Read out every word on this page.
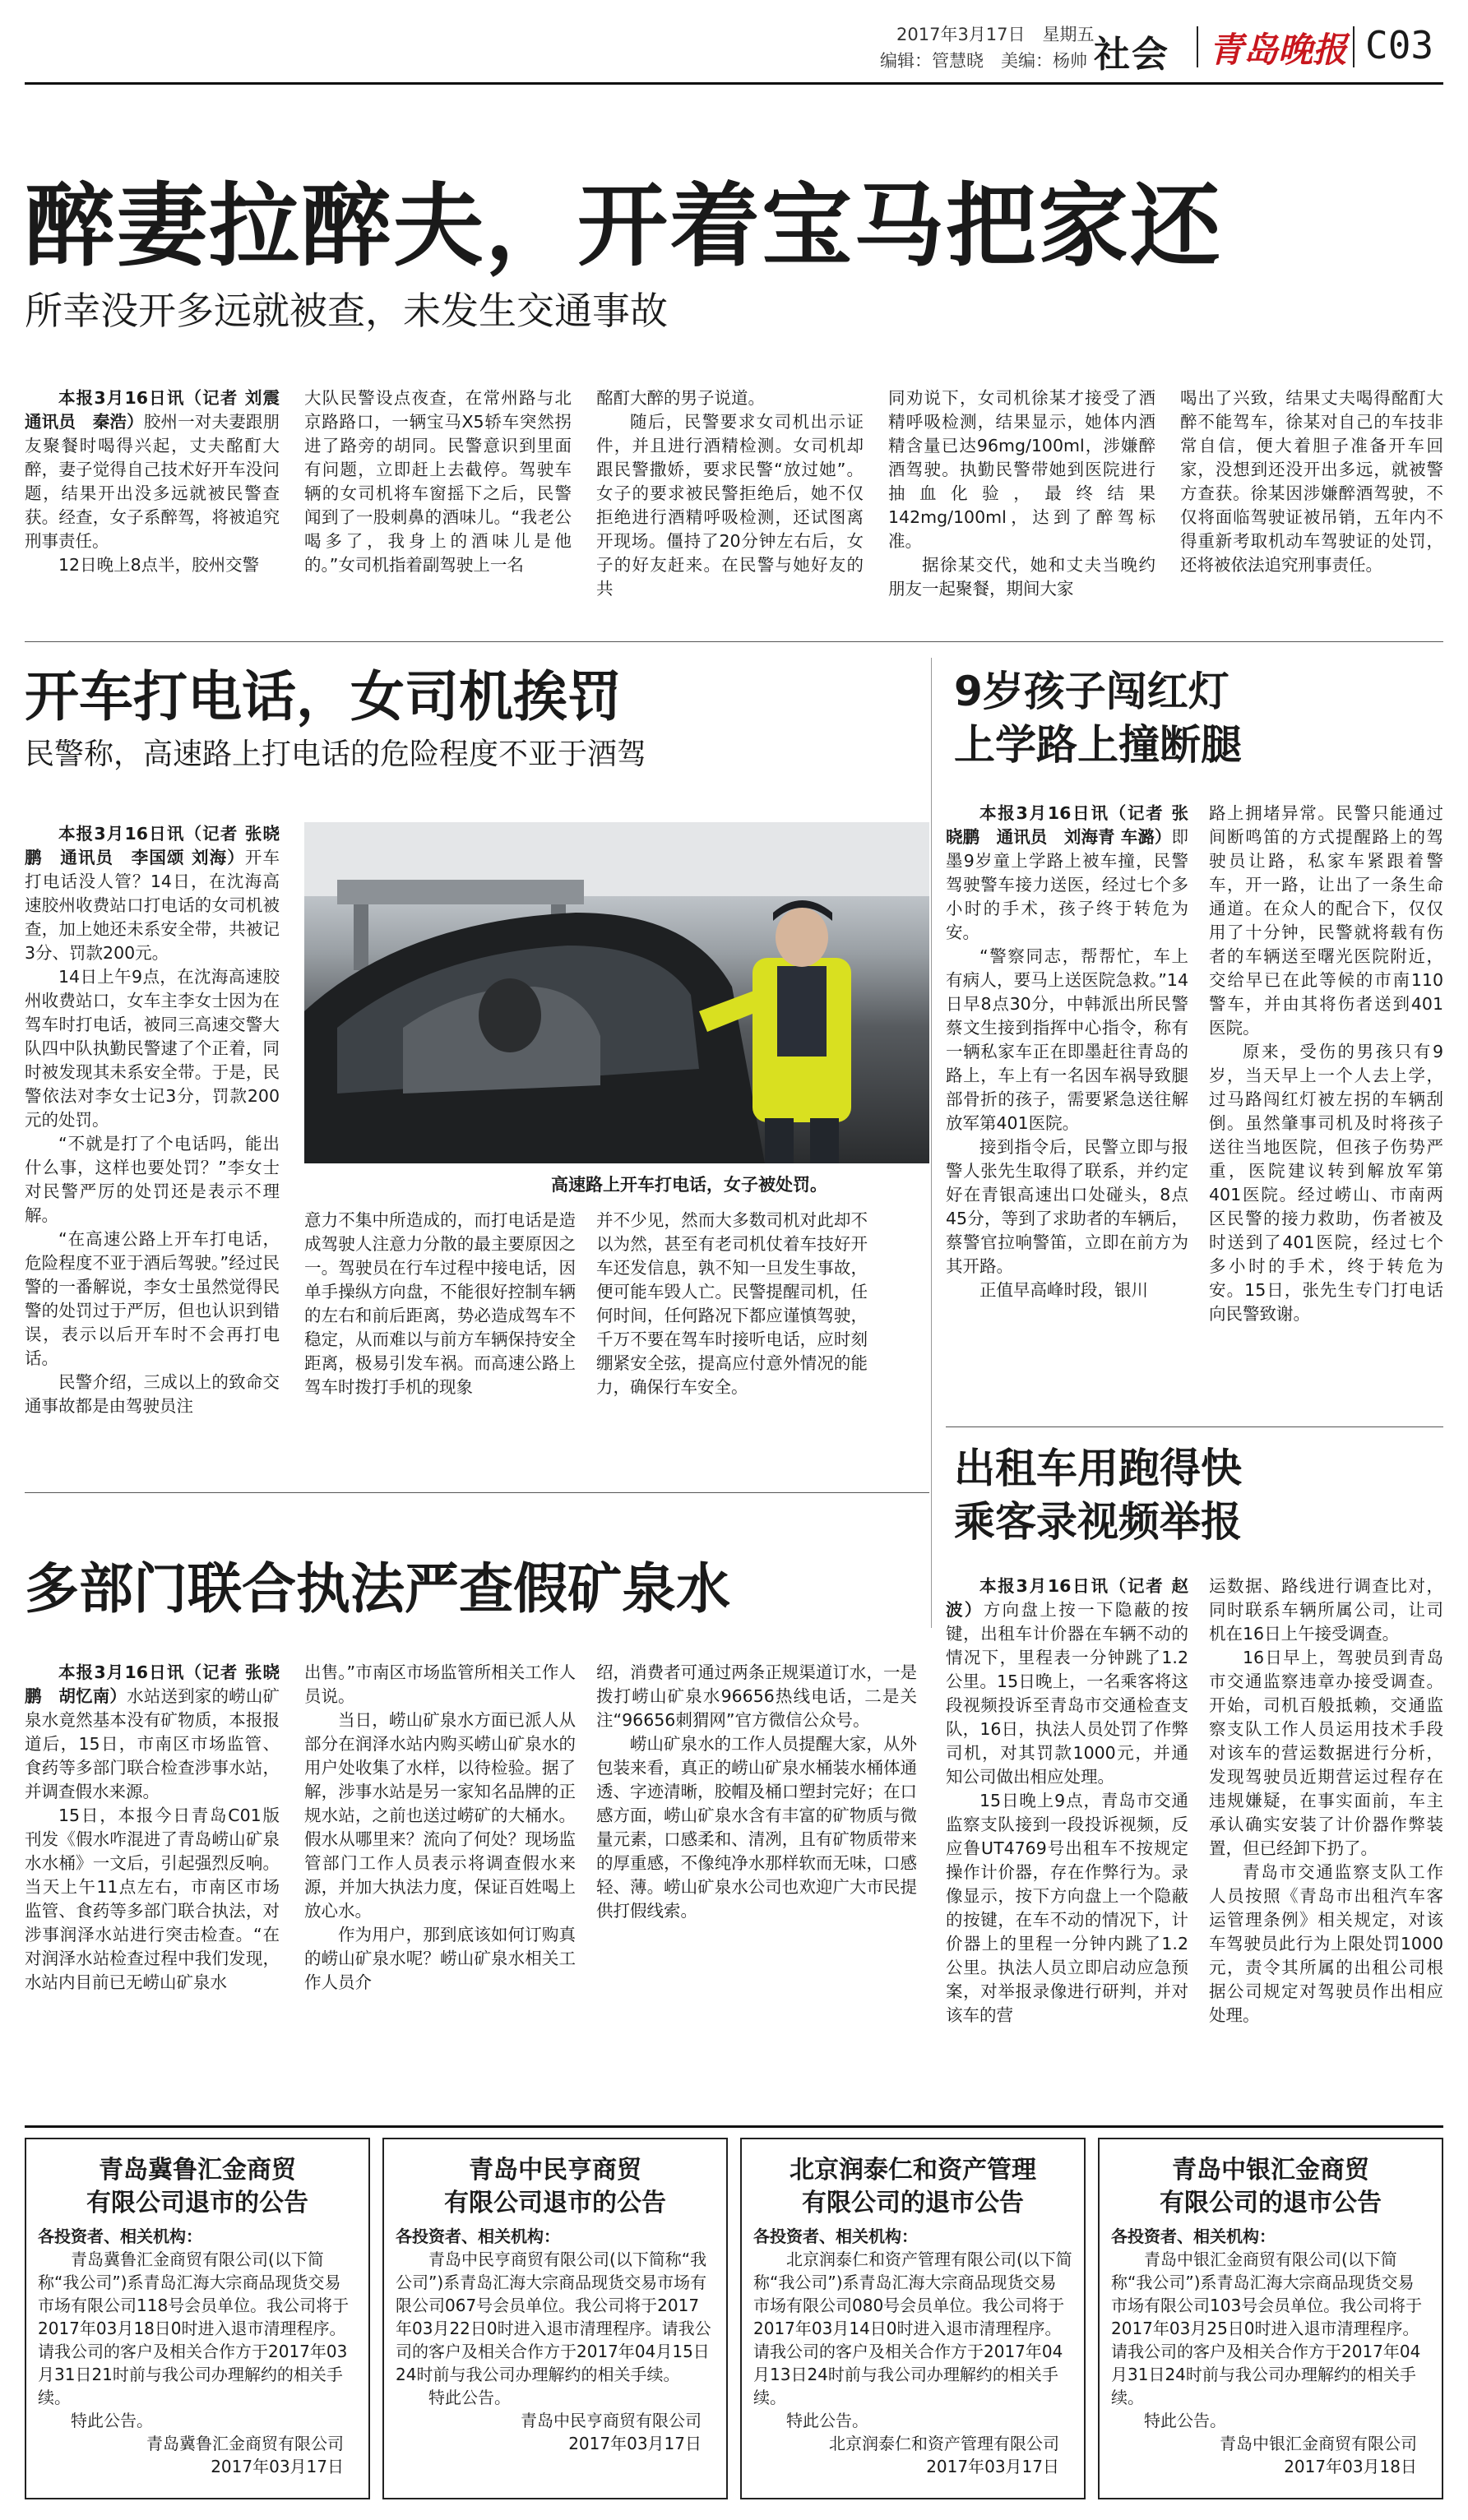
2017年3月17日　星期五
编辑：管慧晓　美编：杨帅 社会 青岛晚报 C03
醉妻拉醉夫，开着宝马把家还
所幸没开多远就被查，未发生交通事故

本报3月16日讯（记者 刘震　通讯员　秦浩）胶州一对夫妻跟朋友聚餐时喝得兴起，丈夫酩酊大醉，妻子觉得自己技术好开车没问题，结果开出没多远就被民警查获。经查，女子系醉驾，将被追究刑事责任。

12日晚上8点半，胶州交警

大队民警设点夜查，在常州路与北京路路口，一辆宝马X5轿车突然拐进了路旁的胡同。民警意识到里面有问题，立即赶上去截停。驾驶车辆的女司机将车窗摇下之后，民警闻到了一股刺鼻的酒味儿。“我老公喝多了，我身上的酒味儿是他的。”女司机指着副驾驶上一名

酩酊大醉的男子说道。

随后，民警要求女司机出示证件，并且进行酒精检测。女司机却跟民警撒娇，要求民警“放过她”。女子的要求被民警拒绝后，她不仅拒绝进行酒精呼吸检测，还试图离开现场。僵持了20分钟左右后，女子的好友赶来。在民警与她好友的共

同劝说下，女司机徐某才接受了酒精呼吸检测，结果显示，她体内酒精含量已达96mg/100ml，涉嫌醉酒驾驶。执勤民警带她到医院进行抽血化验，最终结果142mg/100ml，达到了醉驾标准。

据徐某交代，她和丈夫当晚约朋友一起聚餐，期间大家

喝出了兴致，结果丈夫喝得酩酊大醉不能驾车，徐某对自己的车技非常自信，便大着胆子准备开车回家，没想到还没开出多远，就被警方查获。徐某因涉嫌醉酒驾驶，不仅将面临驾驶证被吊销，五年内不得重新考取机动车驾驶证的处罚，还将被依法追究刑事责任。

开车打电话，女司机挨罚
民警称，高速路上打电话的危险程度不亚于酒驾

本报3月16日讯（记者 张晓鹏　通讯员　李国颂 刘海）开车打电话没人管？14日，在沈海高速胶州收费站口打电话的女司机被查，加上她还未系安全带，共被记3分、罚款200元。

14日上午9点，在沈海高速胶州收费站口，女车主李女士因为在驾车时打电话，被同三高速交警大队四中队执勤民警逮了个正着，同时被发现其未系安全带。于是，民警依法对李女士记3分，罚款200元的处罚。

“不就是打了个电话吗，能出什么事，这样也要处罚？”李女士对民警严厉的处罚还是表示不理解。

“在高速公路上开车打电话，危险程度不亚于酒后驾驶。”经过民警的一番解说，李女士虽然觉得民警的处罚过于严厉，但也认识到错误，表示以后开车时不会再打电话。

民警介绍，三成以上的致命交通事故都是由驾驶员注

高速路上开车打电话，女子被处罚。

意力不集中所造成的，而打电话是造成驾驶人注意力分散的最主要原因之一。驾驶员在行车过程中接电话，因单手操纵方向盘，不能很好控制车辆的左右和前后距离，势必造成驾车不稳定，从而难以与前方车辆保持安全距离，极易引发车祸。而高速公路上驾车时拨打手机的现象

并不少见，然而大多数司机对此却不以为然，甚至有老司机仗着车技好开车还发信息，孰不知一旦发生事故，便可能车毁人亡。民警提醒司机，任何时间，任何路况下都应谨慎驾驶，千万不要在驾车时接听电话，应时刻绷紧安全弦，提高应付意外情况的能力，确保行车安全。

9岁孩子闯红灯
上学路上撞断腿

本报3月16日讯（记者 张晓鹏　通讯员　刘海青 车潞）即墨9岁童上学路上被车撞，民警驾驶警车接力送医，经过七个多小时的手术，孩子终于转危为安。

“警察同志，帮帮忙，车上有病人，要马上送医院急救。”14日早8点30分，中韩派出所民警蔡文生接到指挥中心指令，称有一辆私家车正在即墨赶往青岛的路上，车上有一名因车祸导致腿部骨折的孩子，需要紧急送往解放军第401医院。

接到指令后，民警立即与报警人张先生取得了联系，并约定好在青银高速出口处碰头，8点45分，等到了求助者的车辆后，蔡警官拉响警笛，立即在前方为其开路。

正值早高峰时段，银川

路上拥堵异常。民警只能通过间断鸣笛的方式提醒路上的驾驶员让路，私家车紧跟着警车，开一路，让出了一条生命通道。在众人的配合下，仅仅用了十分钟，民警就将载有伤者的车辆送至曙光医院附近，交给早已在此等候的市南110警车，并由其将伤者送到401医院。

原来，受伤的男孩只有9岁，当天早上一个人去上学，过马路闯红灯被左拐的车辆刮倒。虽然肇事司机及时将孩子送往当地医院，但孩子伤势严重，医院建议转到解放军第401医院。经过崂山、市南两区民警的接力救助，伤者被及时送到了401医院，经过七个多小时的手术，终于转危为安。15日，张先生专门打电话向民警致谢。

出租车用跑得快
乘客录视频举报

本报3月16日讯（记者 赵波）方向盘上按一下隐蔽的按键，出租车计价器在车辆不动的情况下，里程表一分钟跳了1.2公里。15日晚上，一名乘客将这段视频投诉至青岛市交通检查支队，16日，执法人员处罚了作弊司机，对其罚款1000元，并通知公司做出相应处理。

15日晚上9点，青岛市交通监察支队接到一段投诉视频，反应鲁UT4769号出租车不按规定操作计价器，存在作弊行为。录像显示，按下方向盘上一个隐蔽的按键，在车不动的情况下，计价器上的里程一分钟内跳了1.2公里。执法人员立即启动应急预案，对举报录像进行研判，并对该车的营

运数据、路线进行调查比对，同时联系车辆所属公司，让司机在16日上午接受调查。

16日早上，驾驶员到青岛市交通监察违章办接受调查。开始，司机百般抵赖，交通监察支队工作人员运用技术手段对该车的营运数据进行分析，发现驾驶员近期营运过程存在违规嫌疑，在事实面前，车主承认确实安装了计价器作弊装置，但已经卸下扔了。

青岛市交通监察支队工作人员按照《青岛市出租汽车客运管理条例》相关规定，对该车驾驶员此行为上限处罚1000元，责令其所属的出租公司根据公司规定对驾驶员作出相应处理。

多部门联合执法严查假矿泉水

本报3月16日讯（记者 张晓鹏　胡忆南）水站送到家的崂山矿泉水竟然基本没有矿物质，本报报道后，15日，市南区市场监管、食药等多部门联合检查涉事水站，并调查假水来源。

15日，本报今日青岛C01版刊发《假水咋混进了青岛崂山矿泉水水桶》一文后，引起强烈反响。当天上午11点左右，市南区市场监管、食药等多部门联合执法，对涉事润泽水站进行突击检查。“在对润泽水站检查过程中我们发现，水站内目前已无崂山矿泉水

出售。”市南区市场监管所相关工作人员说。

当日，崂山矿泉水方面已派人从部分在润泽水站内购买崂山矿泉水的用户处收集了水样，以待检验。据了解，涉事水站是另一家知名品牌的正规水站，之前也送过崂矿的大桶水。假水从哪里来？流向了何处？现场监管部门工作人员表示将调查假水来源，并加大执法力度，保证百姓喝上放心水。

作为用户，那到底该如何订购真的崂山矿泉水呢？崂山矿泉水相关工作人员介

绍，消费者可通过两条正规渠道订水，一是拨打崂山矿泉水96656热线电话，二是关注“96656刺猬网”官方微信公众号。

崂山矿泉水的工作人员提醒大家，从外包装来看，真正的崂山矿泉水桶装水桶体通透、字迹清晰，胶帽及桶口塑封完好；在口感方面，崂山矿泉水含有丰富的矿物质与微量元素，口感柔和、清冽，且有矿物质带来的厚重感，不像纯净水那样软而无味，口感轻、薄。崂山矿泉水公司也欢迎广大市民提供打假线索。

青岛冀鲁汇金商贸
有限公司退市的公告

各投资者、相关机构：

青岛冀鲁汇金商贸有限公司(以下简称“我公司”)系青岛汇海大宗商品现货交易市场有限公司118号会员单位。我公司将于2017年03月18日0时进入退市清理程序。请我公司的客户及相关合作方于2017年03月31日21时前与我公司办理解约的相关手续。

特此公告。

青岛冀鲁汇金商贸有限公司
2017年03月17日
青岛中民亨商贸
有限公司退市的公告

各投资者、相关机构：

青岛中民亨商贸有限公司(以下简称“我公司”)系青岛汇海大宗商品现货交易市场有限公司067号会员单位。我公司将于2017年03月22日0时进入退市清理程序。请我公司的客户及相关合作方于2017年04月15日24时前与我公司办理解约的相关手续。

特此公告。

青岛中民亨商贸有限公司
2017年03月17日
北京润泰仁和资产管理
有限公司的退市公告

各投资者、相关机构：

北京润泰仁和资产管理有限公司(以下简称“我公司”)系青岛汇海大宗商品现货交易市场有限公司080号会员单位。我公司将于2017年03月14日0时进入退市清理程序。请我公司的客户及相关合作方于2017年04月13日24时前与我公司办理解约的相关手续。

特此公告。

北京润泰仁和资产管理有限公司
2017年03月17日
青岛中银汇金商贸
有限公司的退市公告

各投资者、相关机构：

青岛中银汇金商贸有限公司(以下简称“我公司”)系青岛汇海大宗商品现货交易市场有限公司103号会员单位。我公司将于2017年03月25日0时进入退市清理程序。请我公司的客户及相关合作方于2017年04月31日24时前与我公司办理解约的相关手续。

特此公告。

青岛中银汇金商贸有限公司
2017年03月18日
